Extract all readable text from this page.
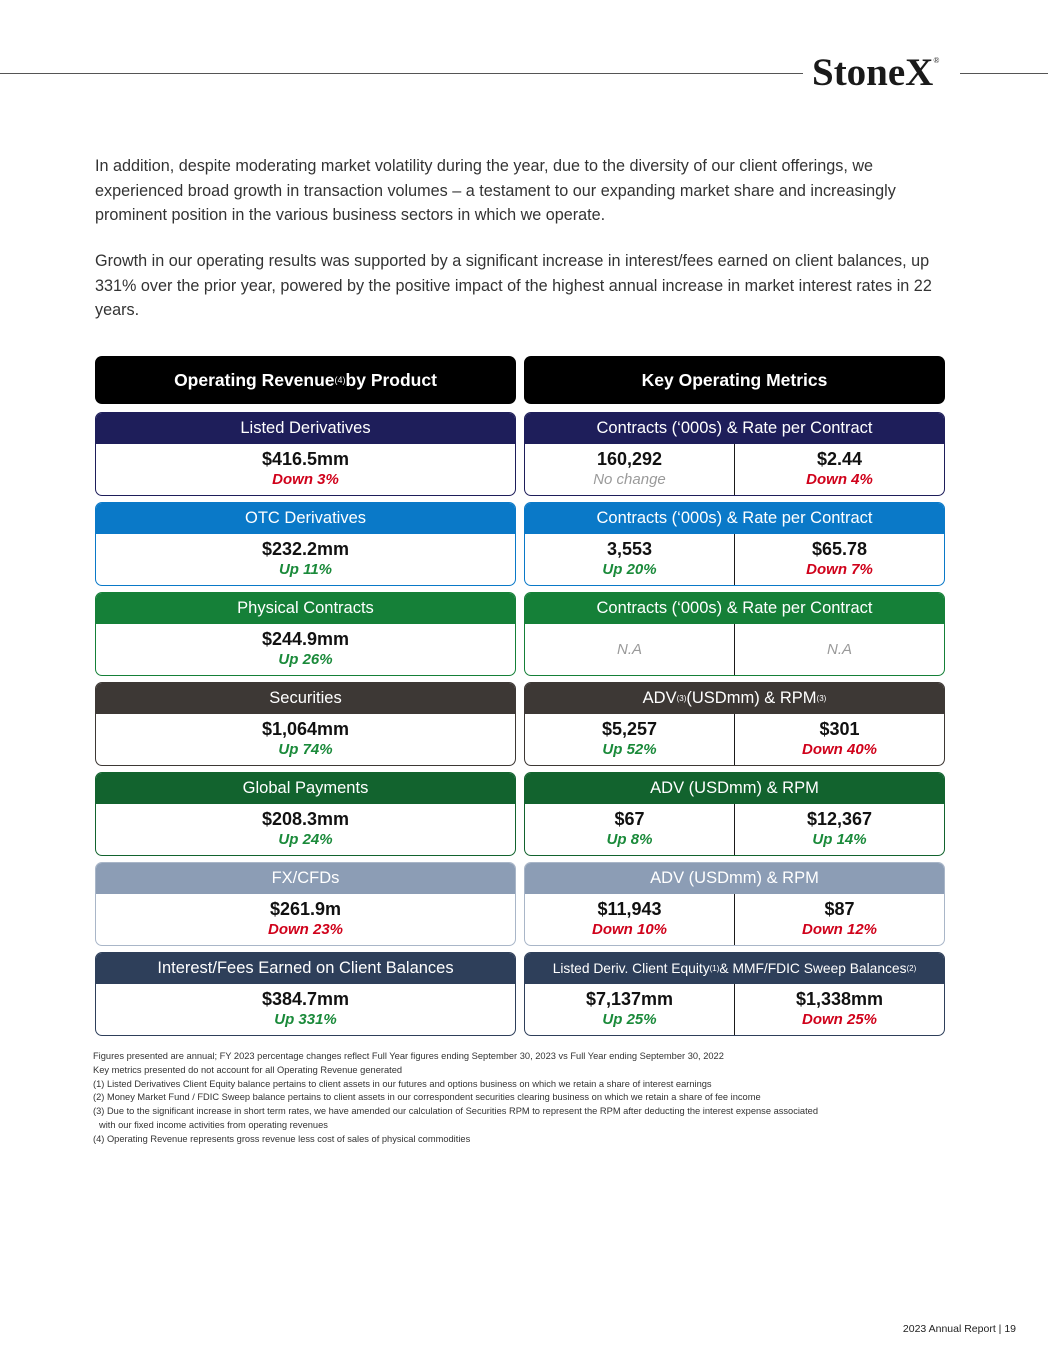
StoneX®

In addition, despite moderating market volatility during the year, due to the diversity of our client offerings, we experienced broad growth in transaction volumes – a testament to our expanding market share and increasingly prominent position in the various business sectors in which we operate.

Growth in our operating results was supported by a significant increase in interest/fees earned on client balances, up 331% over the prior year, powered by the positive impact of the highest annual increase in market interest rates in 22 years.

Operating Revenue (4) by Product
Listed Derivatives
$416.5mm
Down 3%
OTC Derivatives
$232.2mm
Up 11%
Physical Contracts
$244.9mm
Up 26%
Securities
$1,064mm
Up 74%
Global Payments
$208.3mm
Up 24%
FX/CFDs
$261.9m
Down 23%
Interest/Fees Earned on Client Balances
$384.7mm
Up 331%
Key Operating Metrics
Contracts (‘000s) & Rate per Contract
160,292
No change
$2.44
Down 4%
Contracts (‘000s) & Rate per Contract
3,553
Up 20%
$65.78
Down 7%
Contracts (‘000s) & Rate per Contract
N.A	N.A
ADV (3) (USDmm) & RPM (3)
$5,257
Up 52%
$301
Down 40%
ADV (USDmm) & RPM
$67
Up 8%
$12,367
Up 14%
ADV (USDmm) & RPM
$11,943
Down 10%
$87
Down 12%
Listed Deriv. Client Equity (1) & MMF/FDIC Sweep Balances (2)
$7,137mm
Up 25%
$1,338mm
Down 25%
Figures presented are annual; FY 2023 percentage changes reflect Full Year figures ending September 30, 2023 vs Full Year ending September 30, 2022
Key metrics presented do not account for all Operating Revenue generated
(1) Listed Derivatives Client Equity balance pertains to client assets in our futures and options business on which we retain a share of interest earnings
(2) Money Market Fund / FDIC Sweep balance pertains to client assets in our correspondent securities clearing business on which we retain a share of fee income
(3) Due to the significant increase in short term rates, we have amended our calculation of Securities RPM to represent the RPM after deducting the interest expense associated
with our fixed income activities from operating revenues
(4) Operating Revenue represents gross revenue less cost of sales of physical commodities
2023 Annual Report | 19
